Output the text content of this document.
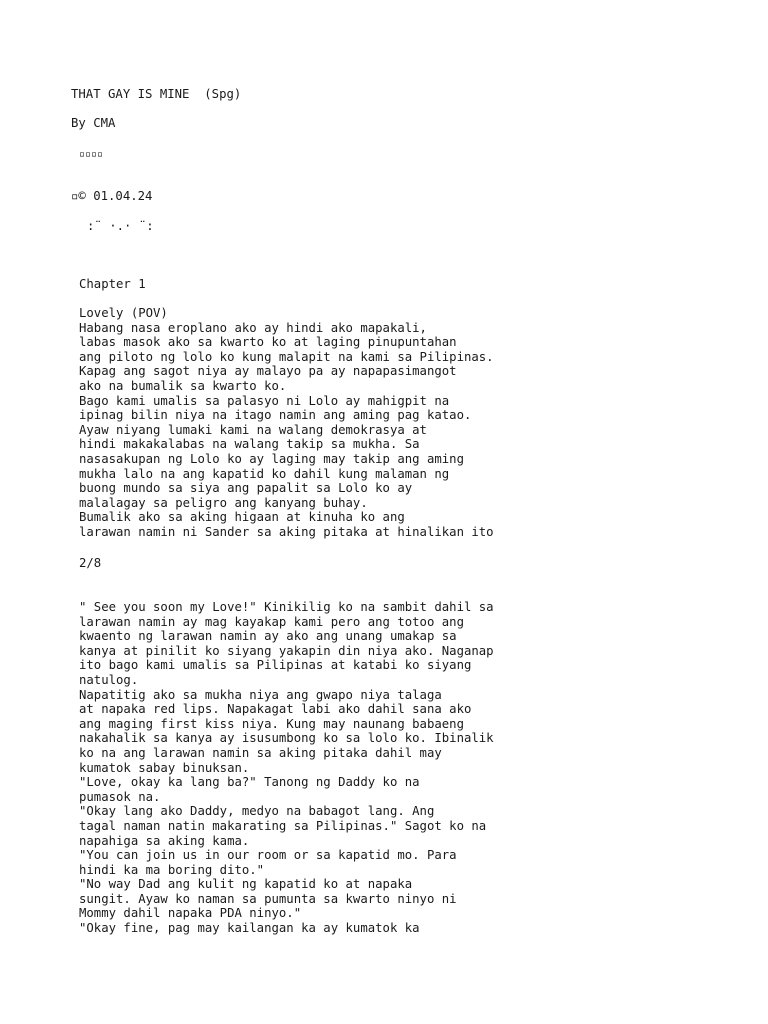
THAT GAY IS MINE  (Spg)
By CMA
▫▫▫▫
▫© 01.04.24
:¨ ·.· ¨:
Chapter 1
Lovely (POV)
Habang nasa eroplano ako ay hindi ako mapakali,
labas masok ako sa kwarto ko at laging pinupuntahan
ang piloto ng lolo ko kung malapit na kami sa Pilipinas.
Kapag ang sagot niya ay malayo pa ay napapasimangot
ako na bumalik sa kwarto ko.
Bago kami umalis sa palasyo ni Lolo ay mahigpit na
ipinag bilin niya na itago namin ang aming pag katao.
Ayaw niyang lumaki kami na walang demokrasya at
hindi makakalabas na walang takip sa mukha. Sa
nasasakupan ng Lolo ko ay laging may takip ang aming
mukha lalo na ang kapatid ko dahil kung malaman ng
buong mundo sa siya ang papalit sa Lolo ko ay
malalagay sa peligro ang kanyang buhay.
Bumalik ako sa aking higaan at kinuha ko ang
larawan namin ni Sander sa aking pitaka at hinalikan ito
2/8
" See you soon my Love!" Kinikilig ko na sambit dahil sa
larawan namin ay mag kayakap kami pero ang totoo ang
kwaento ng larawan namin ay ako ang unang umakap sa
kanya at pinilit ko siyang yakapin din niya ako. Naganap
ito bago kami umalis sa Pilipinas at katabi ko siyang
natulog.
Napatitig ako sa mukha niya ang gwapo niya talaga
at napaka red lips. Napakagat labi ako dahil sana ako
ang maging first kiss niya. Kung may naunang babaeng
nakahalik sa kanya ay isusumbong ko sa lolo ko. Ibinalik
ko na ang larawan namin sa aking pitaka dahil may
kumatok sabay binuksan.
"Love, okay ka lang ba?" Tanong ng Daddy ko na
pumasok na.
"Okay lang ako Daddy, medyo na babagot lang. Ang
tagal naman natin makarating sa Pilipinas." Sagot ko na
napahiga sa aking kama.
"You can join us in our room or sa kapatid mo. Para
hindi ka ma boring dito."
"No way Dad ang kulit ng kapatid ko at napaka
sungit. Ayaw ko naman sa pumunta sa kwarto ninyo ni
Mommy dahil napaka PDA ninyo."
"Okay fine, pag may kailangan ka ay kumatok ka
